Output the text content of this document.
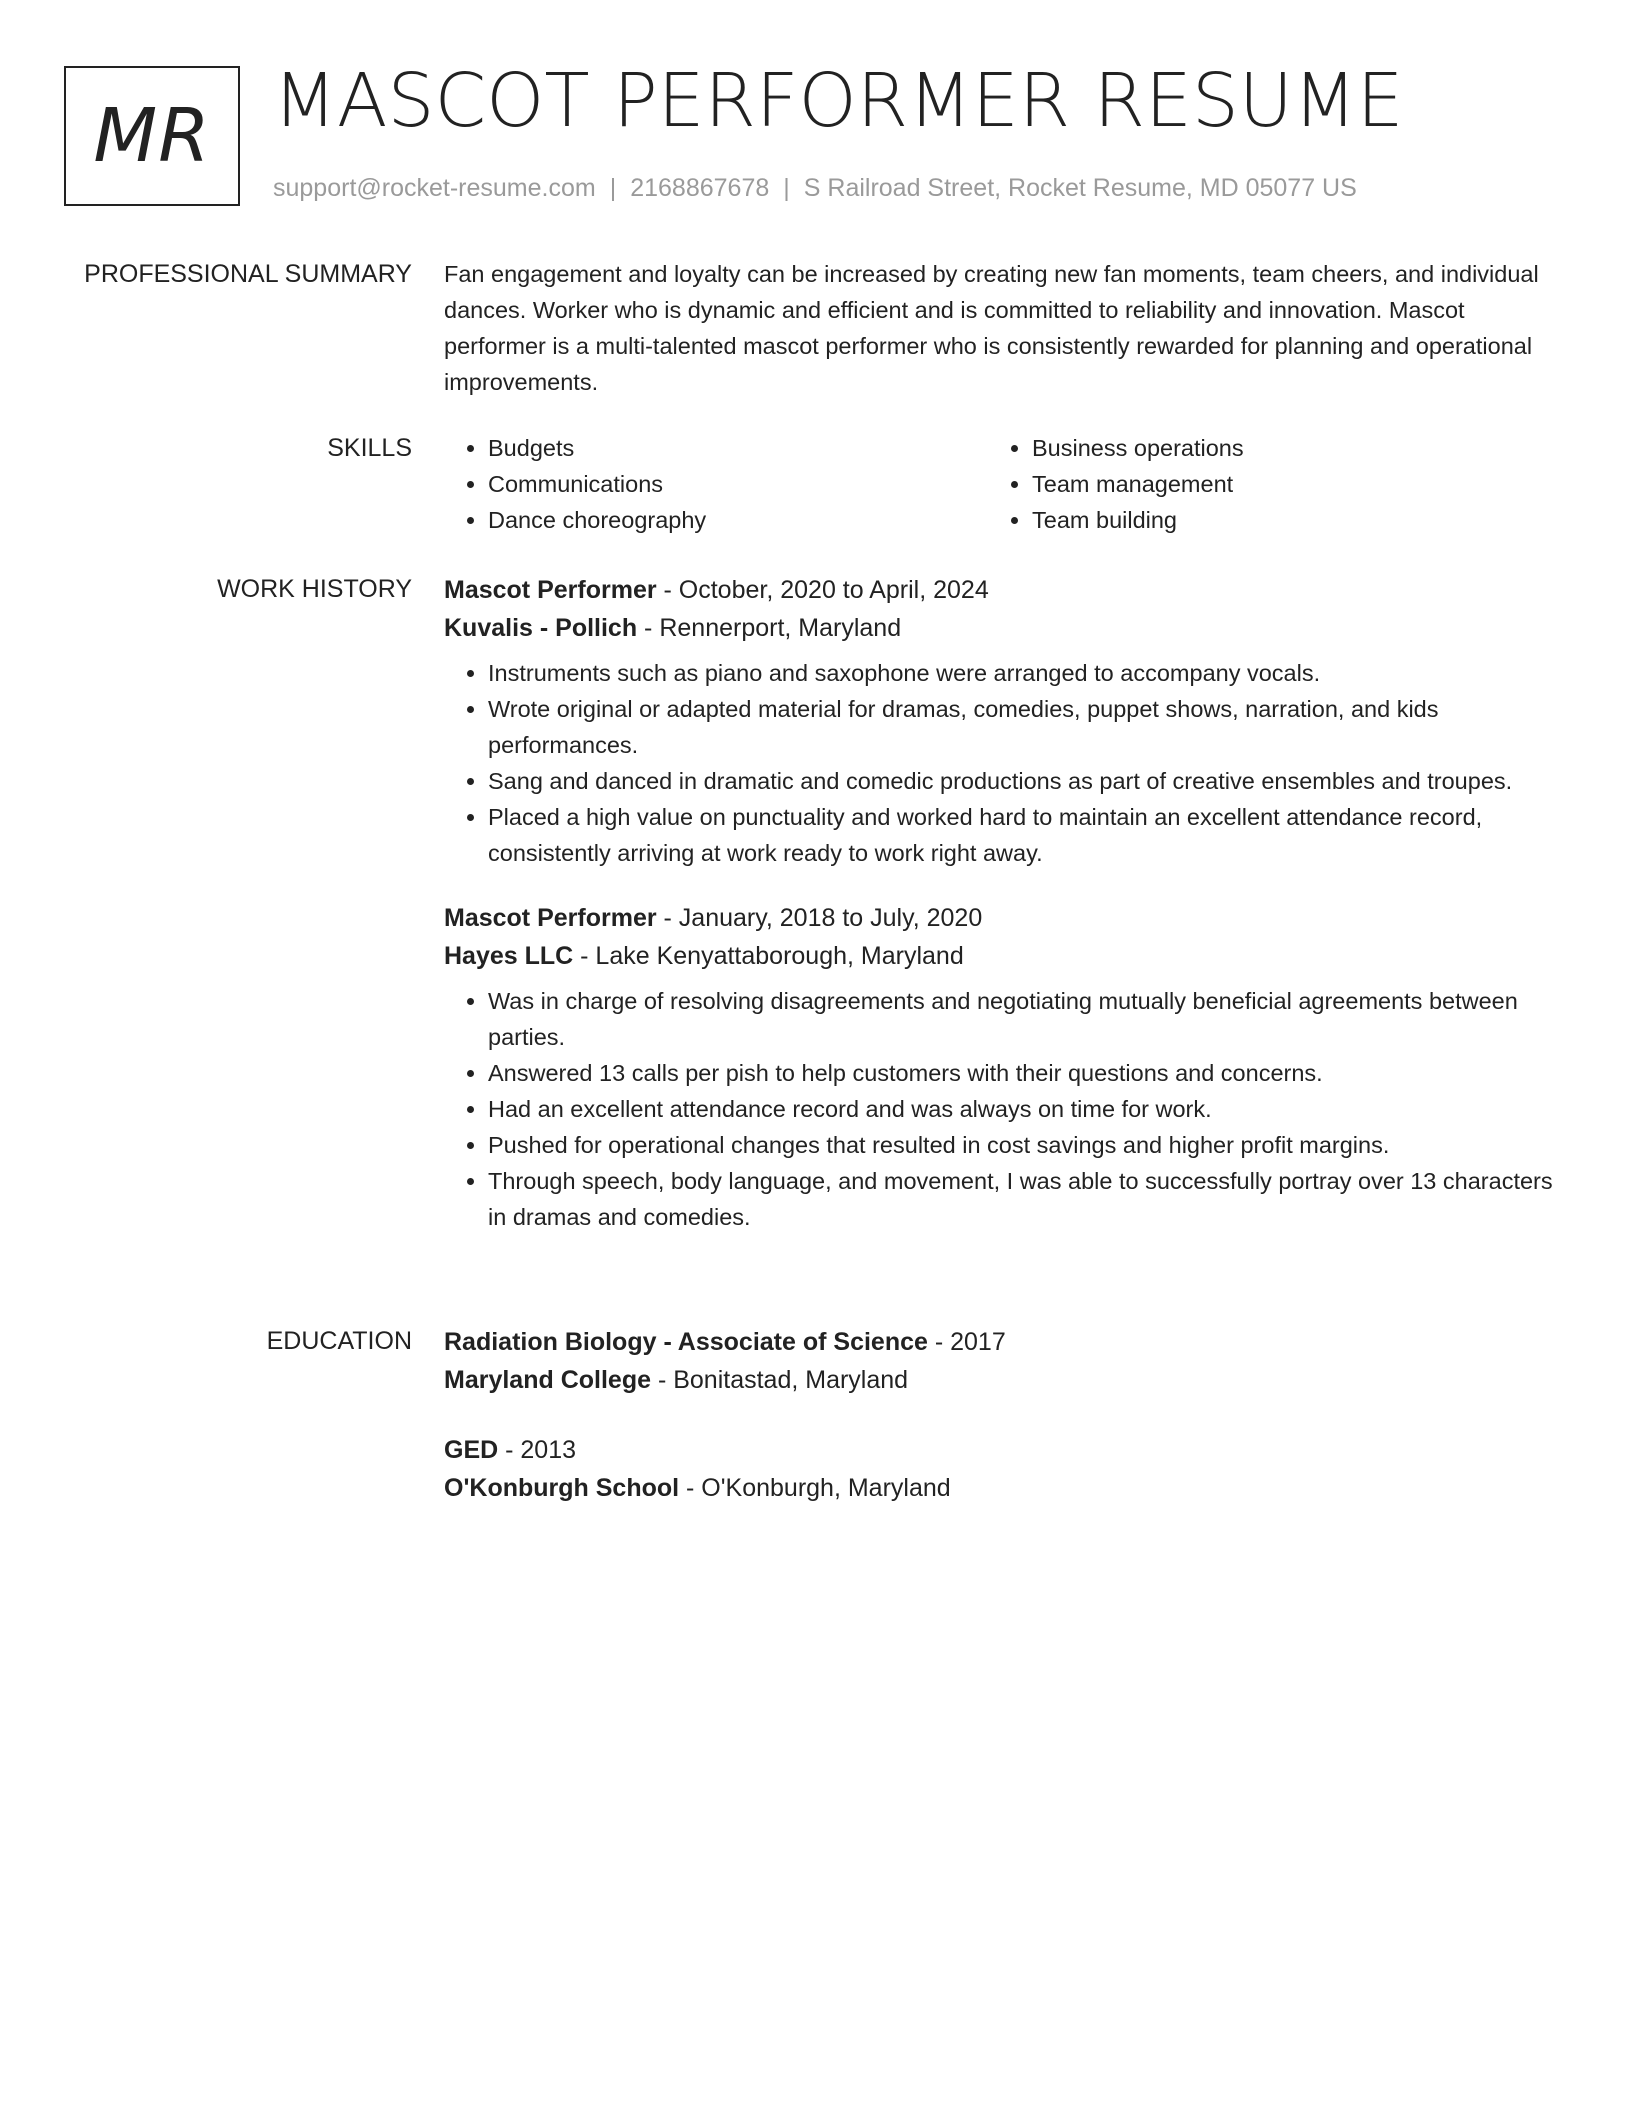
MR MASCOT PERFORMER RESUME
support@rocket-resume.com | 2168867678 | S Railroad Street, Rocket Resume, MD 05077 US
PROFESSIONAL SUMMARY Fan engagement and loyalty can be increased by creating new fan moments, team cheers, and individual dances. Worker who is dynamic and efficient and is committed to reliability and innovation. Mascot performer is a multi-talented mascot performer who is consistently rewarded for planning and operational improvements.

SKILLS
•	Budgets
• Communications
• Dance choreography
• Business operations
• Team management
• Team building
WORK HISTORY Mascot Performer - October, 2020 to April, 2024
Kuvalis - Pollich - Rennerport, Maryland
• Instruments such as piano and saxophone were arranged to accompany vocals.
• Wrote original or adapted material for dramas, comedies, puppet shows, narration, and kids performances.
• Sang and danced in dramatic and comedic productions as part of creative ensembles and troupes.
• Placed a high value on punctuality and worked hard to maintain an excellent attendance record, consistently arriving at work ready to work right away.
Mascot Performer - January, 2018 to July, 2020
Hayes LLC - Lake Kenyattaborough, Maryland
• Was in charge of resolving disagreements and negotiating mutually beneficial agreements between parties.
• Answered 13 calls per pish to help customers with their questions and concerns.
• Had an excellent attendance record and was always on time for work.
• Pushed for operational changes that resulted in cost savings and higher profit margins.
• Through speech, body language, and movement, I was able to successfully portray over 13 characters in dramas and comedies.
EDUCATION Radiation Biology - Associate of Science - 2017
Maryland College - Bonitastad, Maryland
GED - 2013
O'Konburgh School - O'Konburgh, Maryland
